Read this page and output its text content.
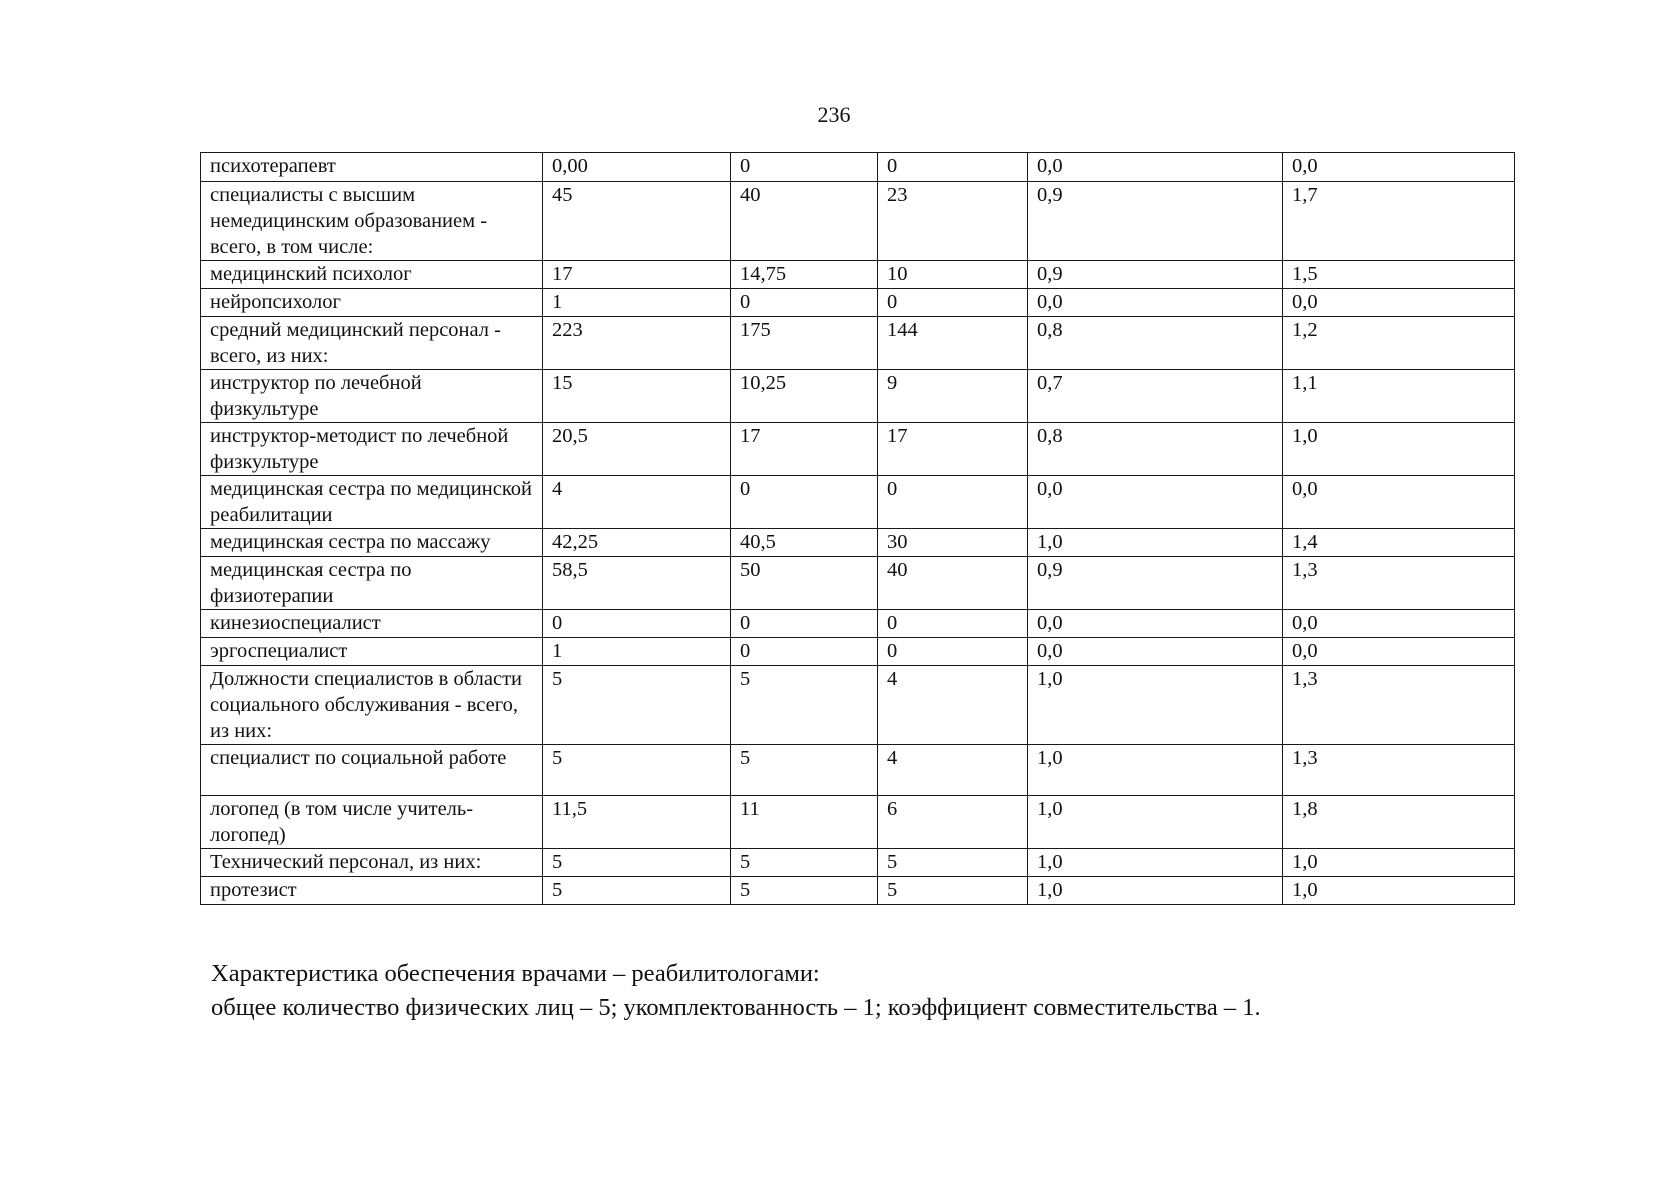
236
психотерапевт	0,00	0	0	0,0	0,0
специалисты с высшим немедицинским образованием - всего, в том числе:	45	40	23	0,9	1,7
медицинский психолог	17	14,75	10	0,9	1,5
нейропсихолог	1	0	0	0,0	0,0
средний медицинский персонал - всего, из них:	223	175	144	0,8	1,2
инструктор по лечебной физкультуре	15	10,25	9	0,7	1,1
инструктор-методист по лечебной физкультуре	20,5	17	17	0,8	1,0
медицинская сестра по медицинской реабилитации	4	0	0	0,0	0,0
медицинская сестра по массажу	42,25	40,5	30	1,0	1,4
медицинская сестра по физиотерапии	58,5	50	40	0,9	1,3
кинезиоспециалист	0	0	0	0,0	0,0
эргоспециалист	1	0	0	0,0	0,0
Должности специалистов в области социального обслуживания - всего, из них:	5	5	4	1,0	1,3
специалист по социальной работе	5	5	4	1,0	1,3
логопед (в том числе учитель-логопед)	11,5	11	6	1,0	1,8
Технический персонал, из них:	5	5	5	1,0	1,0
протезист	5	5	5	1,0	1,0
Характеристика обеспечения врачами – реабилитологами:
общее количество физических лиц – 5; укомплектованность – 1; коэффициент совместительства – 1.
